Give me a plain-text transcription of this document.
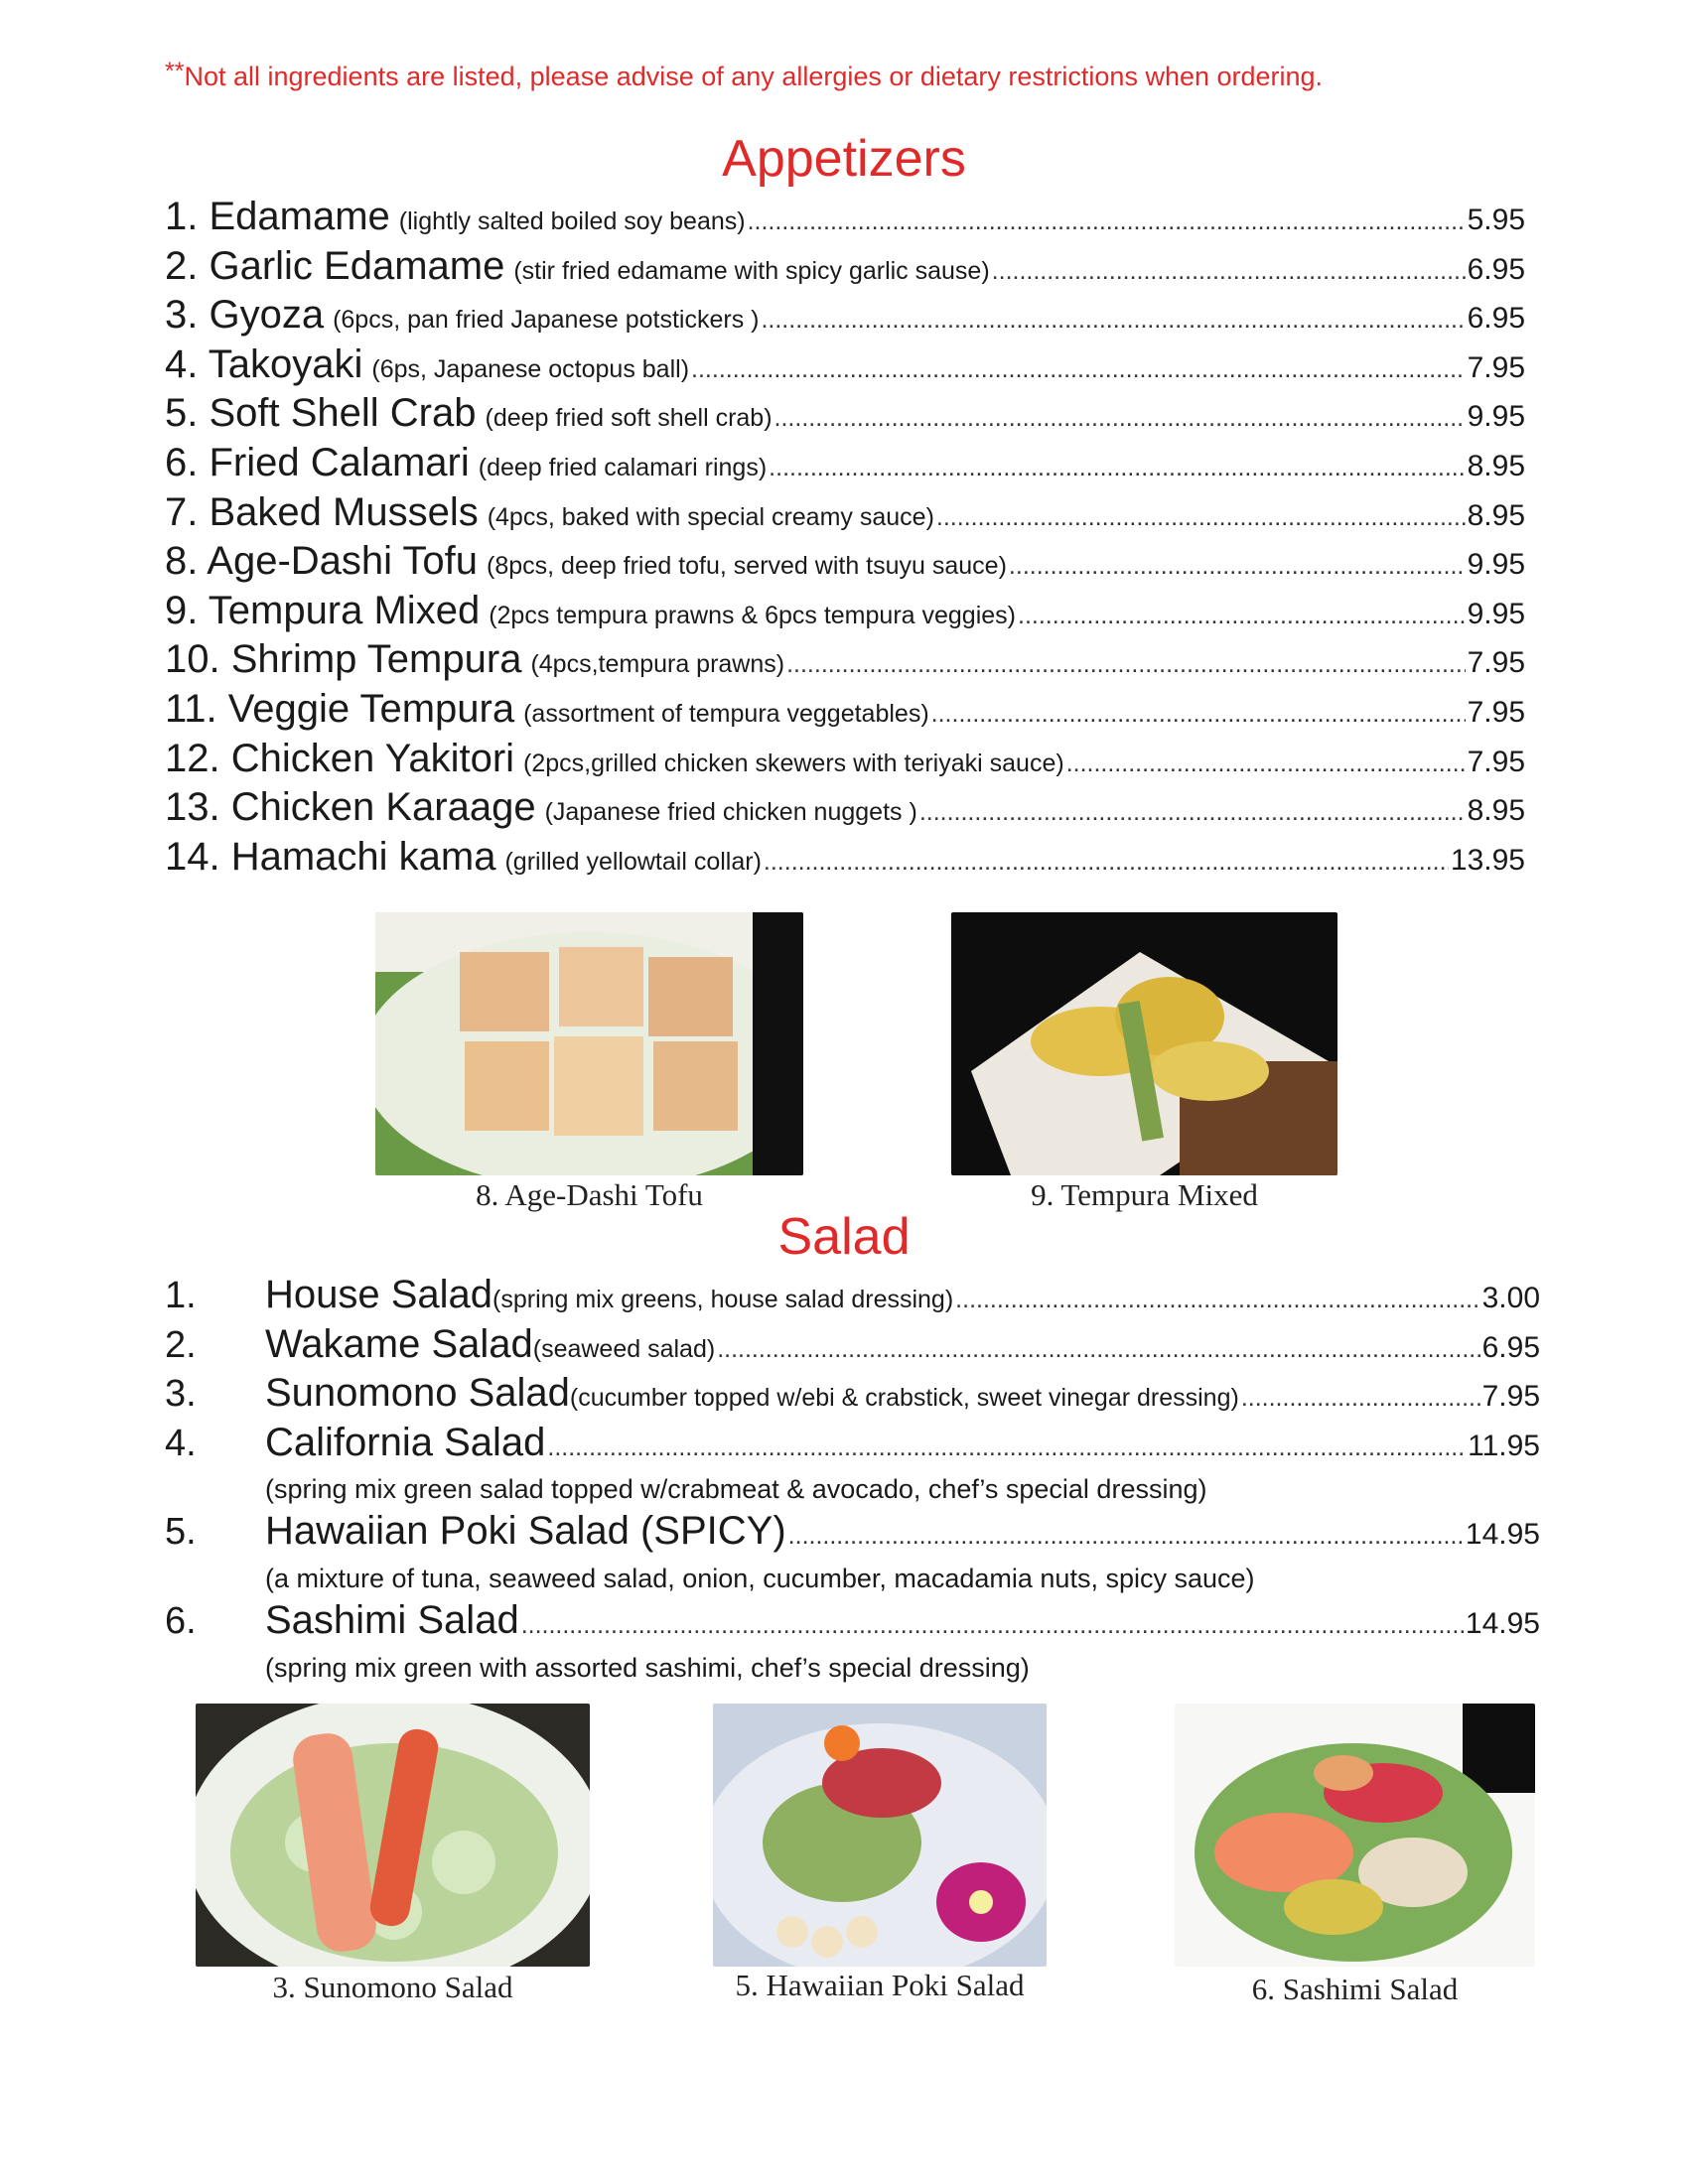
**Not all ingredients are listed, please advise of any allergies or dietary restrictions when ordering.
Appetizers
1. Edamame (lightly salted boiled soy beans) .....	5.95
2. Garlic Edamame (stir fried edamame with spicy garlic sause) .....	6.95
3. Gyoza (6pcs, pan fried Japanese potstickers ) .....	6.95
4. Takoyaki (6ps, Japanese octopus ball) .....	7.95
5. Soft Shell Crab (deep fried soft shell crab) .....	9.95
6. Fried Calamari (deep fried calamari rings) .....	8.95
7. Baked Mussels (4pcs, baked with special creamy sauce) .....	8.95
8. Age-Dashi Tofu (8pcs, deep fried tofu, served with tsuyu sauce) .....	9.95
9. Tempura Mixed (2pcs tempura prawns & 6pcs tempura veggies) .....	9.95
10. Shrimp Tempura (4pcs,tempura prawns) .....	7.95
11. Veggie Tempura (assortment of tempura veggetables) .....	7.95
12. Chicken Yakitori (2pcs,grilled chicken skewers with teriyaki sauce) .....	7.95
13. Chicken Karaage (Japanese fried chicken nuggets ) .....	8.95
14. Hamachi kama (grilled yellowtail collar) .....	13.95
8. Age-Dashi Tofu	9. Tempura Mixed
Salad
1.	House Salad (spring mix greens, house salad dressing) .....	3.00
2.	Wakame Salad (seaweed salad) .....	6.95
3.	Sunomono Salad (cucumber topped w/ebi & crabstick, sweet vinegar dressing) .....	7.95
4.	California Salad .....	11.95
(spring mix green salad topped w/crabmeat & avocado, chef’s special dressing)
5.	Hawaiian Poki Salad (SPICY) .....	14.95
(a mixture of tuna, seaweed salad, onion, cucumber, macadamia nuts, spicy sauce)
6.	Sashimi Salad .....	14.95
(spring mix green with assorted sashimi, chef’s special dressing)
3. Sunomono Salad	5. Hawaiian Poki Salad	6. Sashimi Salad
